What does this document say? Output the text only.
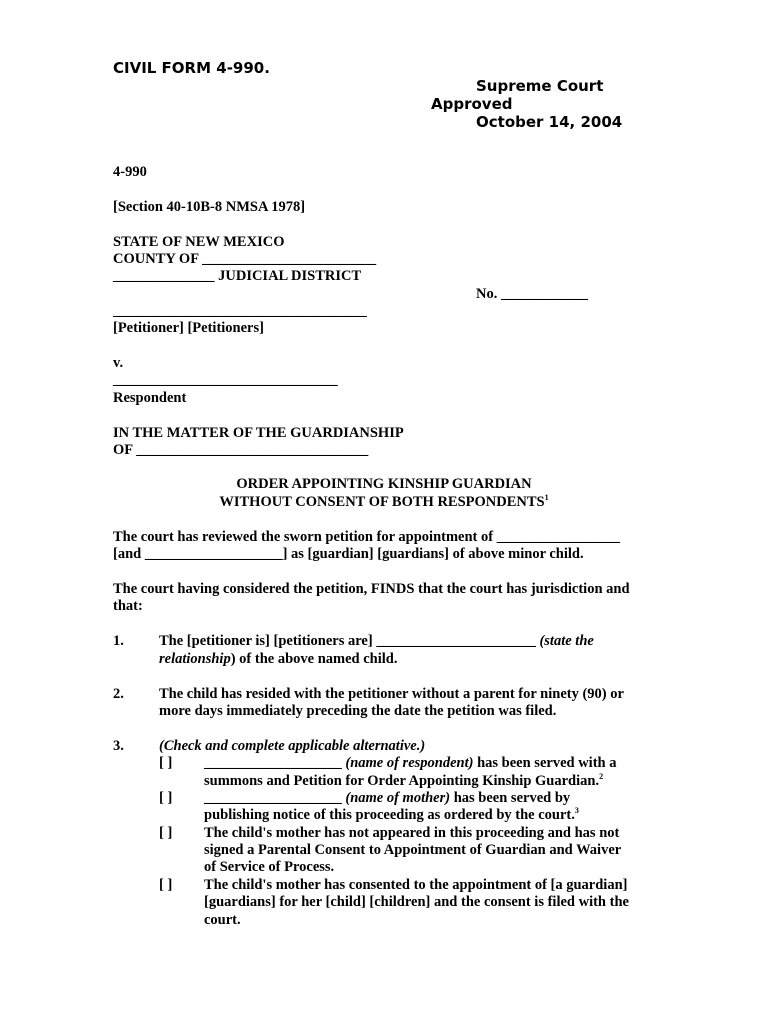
CIVIL FORM 4-990.
Supreme Court
Approved
October 14, 2004
4-990
[Section 40-10B-8 NMSA 1978]
STATE OF NEW MEXICO
COUNTY OF ________________________
______________ JUDICIAL DISTRICT
No. ____________
___________________________________
[Petitioner] [Petitioners]
v.
_______________________________
Respondent
IN THE MATTER OF THE GUARDIANSHIP
OF ________________________________
ORDER APPOINTING KINSHIP GUARDIAN
WITHOUT CONSENT OF BOTH RESPONDENTS$^1$
The court has reviewed the sworn petition for appointment of _________________
[and ___________________] as [guardian] [guardians] of above minor child.
The court having considered the petition, FINDS that the court has jurisdiction and
that:
1. The [petitioner is] [petitioners are] ______________________ (state the
relationship) of the above named child.
2. The child has resided with the petitioner without a parent for ninety (90) or
more days immediately preceding the date the petition was filed.
3. (Check and complete applicable alternative.)
[ ] ___________________ (name of respondent) has been served with a
summons and Petition for Order Appointing Kinship Guardian.$^2$
[ ] ___________________ (name of mother) has been served by
publishing notice of this proceeding as ordered by the court.$^3$
[ ] The child's mother has not appeared in this proceeding and has not
signed a Parental Consent to Appointment of Guardian and Waiver
of Service of Process.
[ ] The child's mother has consented to the appointment of [a guardian]
[guardians] for her [child] [children] and the consent is filed with the
court.
